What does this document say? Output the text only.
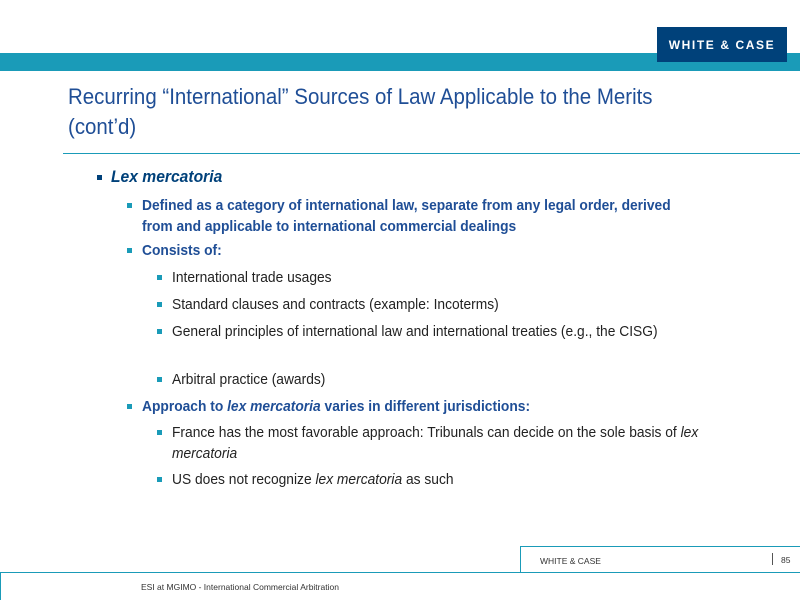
WHITE & CASE
Recurring “International” Sources of Law Applicable to the Merits (cont’d)
Lex mercatoria
Defined as a category of international law, separate from any legal order, derived from and applicable to international commercial dealings
Consists of:
International trade usages
Standard clauses and contracts (example: Incoterms)
General principles of international law and international treaties (e.g., the CISG)
Arbitral practice (awards)
Approach to lex mercatoria varies in different jurisdictions:
France has the most favorable approach: Tribunals can decide on the sole basis of lex mercatoria
US does not recognize lex mercatoria as such
WHITE & CASE	85
ESI at MGIMO - International Commercial Arbitration
